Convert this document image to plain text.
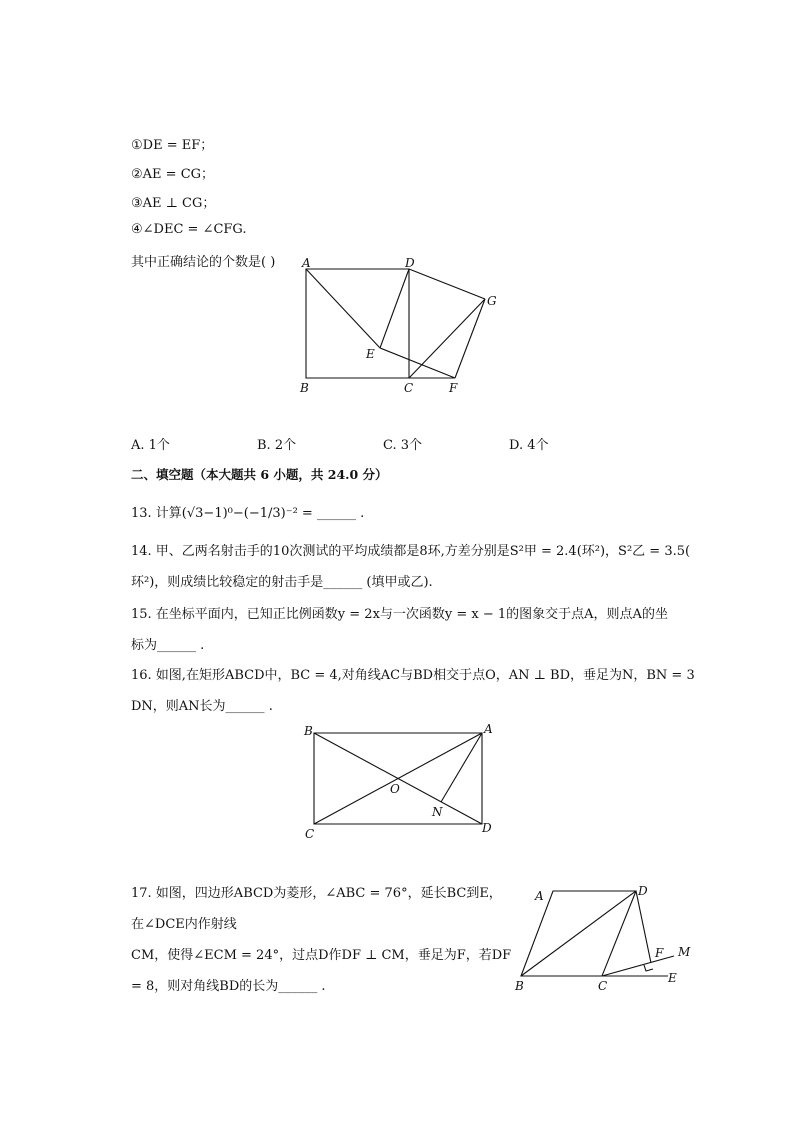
①DE = EF；
②AE = CG；
③AE ⊥ CG；
④∠DEC = ∠CFG.
其中正确结论的个数是( ) A	D
G
E
B	C	F
A. 1个	B. 2个	C. 3个	D. 4个
二、填空题（本大题共 6 小题，共 24.0 分）
13. 计算(√3−1)⁰−(−1/3)⁻² = ______ .
14. 甲、乙两名射击手的10次测试的平均成绩都是8环,方差分别是S²甲 = 2.4(环²)，S²乙 = 3.5(
环²)，则成绩比较稳定的射击手是______ (填甲或乙).
15. 在坐标平面内，已知正比例函数y = 2x与一次函数y = x − 1的图象交于点A，则点A的坐
标为______ .
16. 如图,在矩形ABCD中，BC = 4,对角线AC与BD相交于点O，AN ⊥ BD，垂足为N，BN = 3
DN，则AN长为______ .
B	A
O
N
C	D
17. 如图，四边形ABCD为菱形，∠ABC = 76°，延长BC到E，
在∠DCE内作射线
CM，使得∠ECM = 24°，过点D作DF ⊥ CM，垂足为F，若DF
= 8，则对角线BD的长为______ .
A	D
F M
B	C
E
